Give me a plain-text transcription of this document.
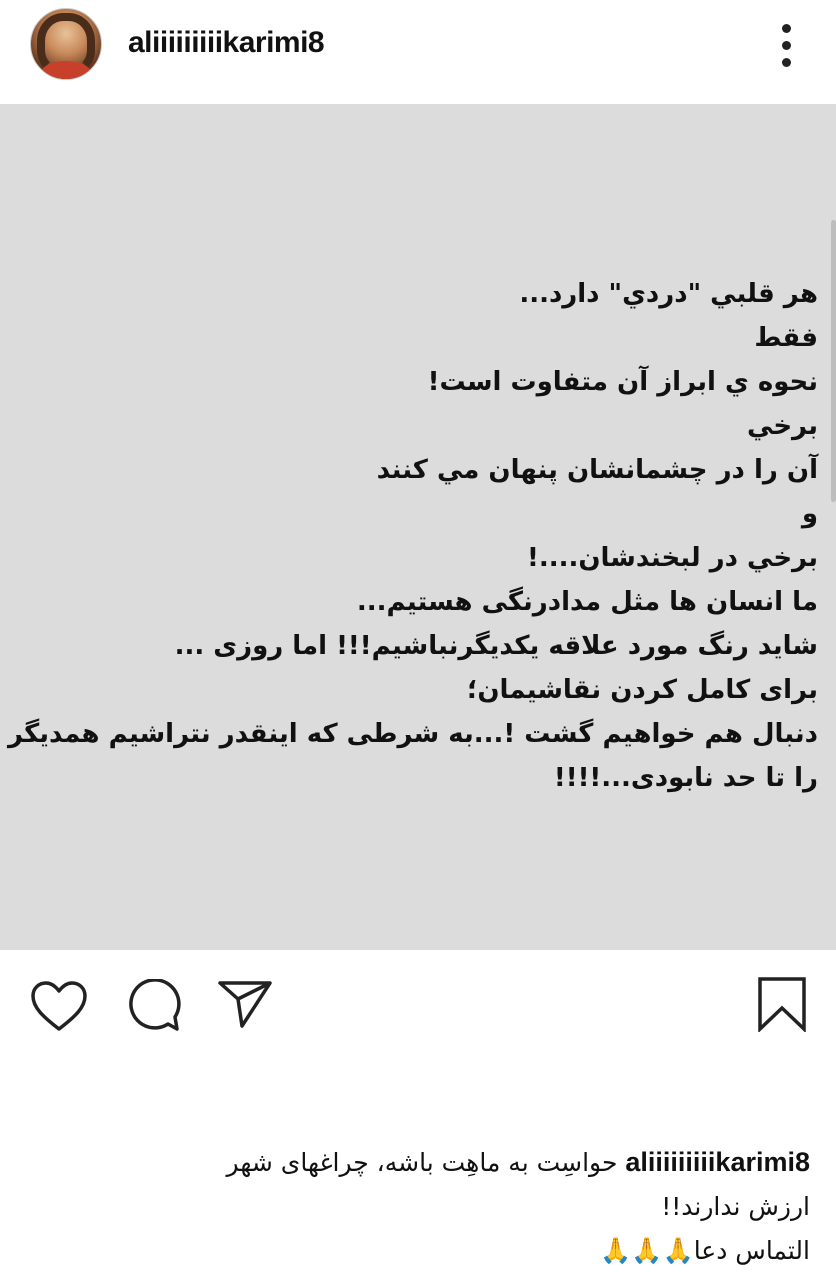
aliiiiiiiiikarimi8
هر قلبي "دردي" دارد...
فقط
نحوه ي ابراز آن متفاوت است!
برخي
آن را در چشمانشان پنهان مي كنند
و
برخي در لبخندشان....!
ما انسان ها مثل مدادرنگی هستیم...
شاید رنگ مورد علاقه یکدیگرنباشیم!!! اما روزی ...
برای کامل کردن نقاشیمان؛
دنبال هم خواهیم گشت !...به شرطی که اینقدر نتراشیم همدیگر
را تا حد نابودی...!!!!
aliiiiiiiiikarimi8 حواسِت به ماهِت باشه، چراغهای شهر
ارزش ندارند!!
التماس دعا🙏🙏🙏
